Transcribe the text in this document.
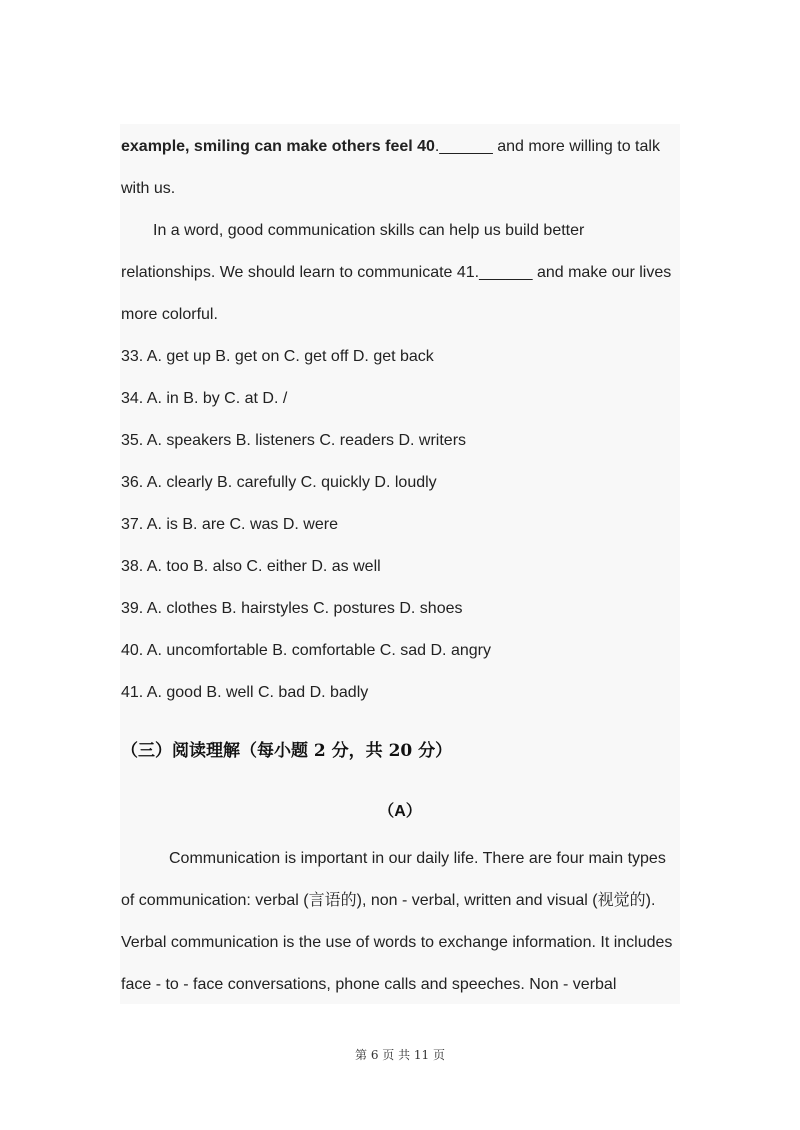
example, smiling can make others feel 40.______ and more willing to talk
with us.
In a word, good communication skills can help us build better
relationships. We should learn to communicate 41.______ and make our lives
more colorful.
33. A. get up B. get on C. get off D. get back
34. A. in B. by C. at D. /
35. A. speakers B. listeners C. readers D. writers
36. A. clearly B. carefully C. quickly D. loudly
37. A. is B. are C. was D. were
38. A. too B. also C. either D. as well
39. A. clothes B. hairstyles C. postures D. shoes
40. A. uncomfortable B. comfortable C. sad D. angry
41. A. good B. well C. bad D. badly
（三）阅读理解（每小题 2 分，共 20 分）
（A）
Communication is important in our daily life. There are four main types
of communication: verbal (言语的), non - verbal, written and visual (视觉的).
Verbal communication is the use of words to exchange information. It includes
face - to - face conversations, phone calls and speeches. Non - verbal
第 6 页 共 11 页
